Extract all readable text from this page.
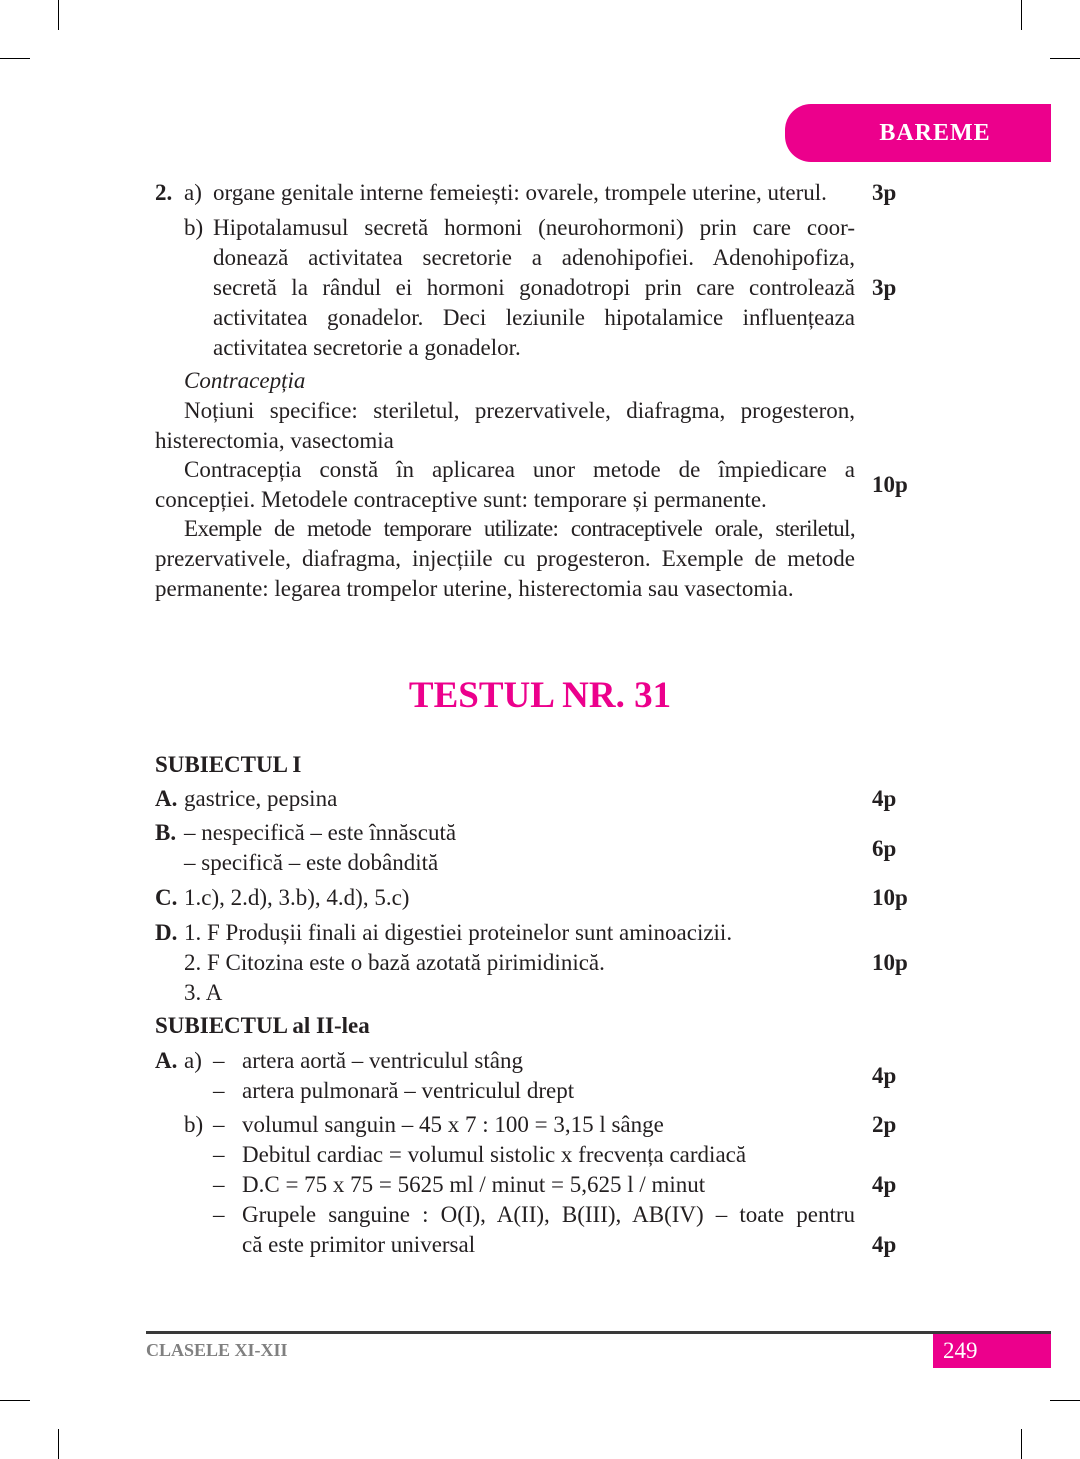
BAREME
2. a) organe genitale interne femeiești: ovarele, trompele uterine, uterul. 3p
b) Hipotalamusul secretă hormoni (neurohormoni) prin care coor-
donează activitatea secretorie a adenohipofiei. Adenohipofiza,
secretă la rândul ei hormoni gonadotropi prin care controlează
activitatea gonadelor. Deci leziunile hipotalamice influențeaza
activitatea secretorie a gonadelor.
3p
Contracepția
Noțiuni specifice: steriletul, prezervativele, diafragma, progesteron,
histerectomia, vasectomia
Contracepția constă în aplicarea unor metode de împiedicare a
concepției. Metodele contraceptive sunt: temporare și permanente.
Exemple de metode temporare utilizate: contraceptivele orale, steriletul,
prezervativele, diafragma, injecțiile cu progesteron. Exemple de metode
permanente: legarea trompelor uterine, histerectomia sau vasectomia.
10p
TESTUL NR. 31
SUBIECTUL I
A. gastrice, pepsina	4p
B. – nespecifică – este înnăscută
– specifică – este dobândită
6p
C. 1.c), 2.d), 3.b), 4.d), 5.c)	10p
D. 1. F Produșii finali ai digestiei proteinelor sunt aminoacizii.
2. F Citozina este o bază azotată pirimidinică.
3. A
10p
SUBIECTUL al II-lea
A. a) – artera aortă – ventriculul stâng
– artera pulmonară – ventriculul drept
4p
b) – volumul sanguin – 45 x 7 : 100 = 3,15 l sânge	2p
– Debitul cardiac = volumul sistolic x frecvența cardiacă
– D.C = 75 x 75 = 5625 ml / minut = 5,625 l / minut	4p
– Grupele sanguine : O(I), A(II), B(III), AB(IV) – toate pentru
că este primitor universal	4p
CLASELE XI-XII	249
